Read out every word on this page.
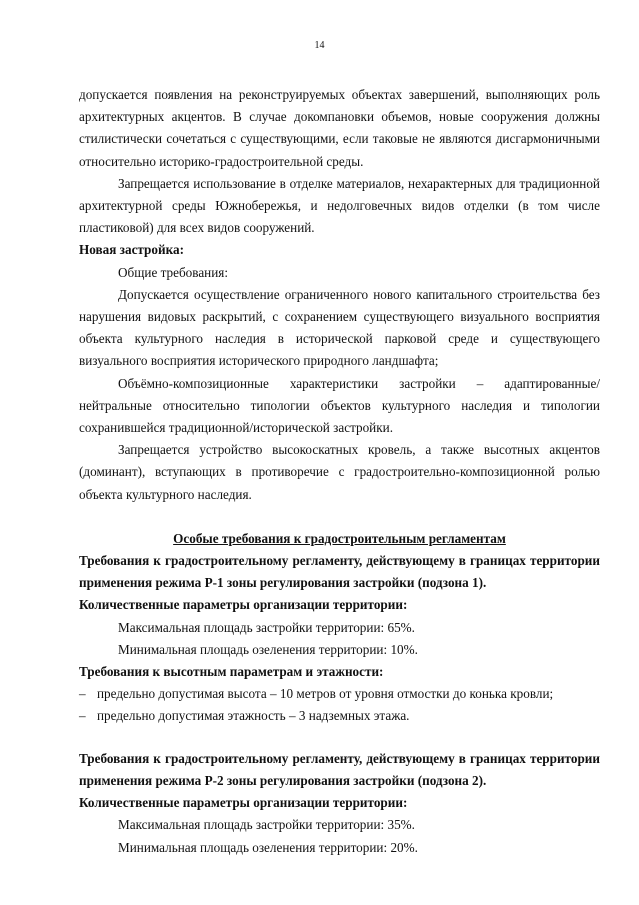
14

допускается появления на реконструируемых объектах завершений, выполняющих роль архитектурных акцентов. В случае докомпановки объемов, новые сооружения должны стилистически сочетаться с существующими, если таковые не являются дисгармоничными относительно историко-градостроительной среды.

Запрещается использование в отделке материалов, нехарактерных для традиционной архитектурной среды Южнобережья, и недолговечных видов отделки (в том числе пластиковой) для всех видов сооружений.

Новая застройка:

Общие требования:

Допускается осуществление ограниченного нового капитального строительства без нарушения видовых раскрытий, с сохранением существующего визуального восприятия объекта культурного наследия в исторической парковой среде и существующего визуального восприятия исторического природного ландшафта;

Объёмно-композиционные характеристики застройки – адаптированные/нейтральные относительно типологии объектов культурного наследия и типологии сохранившейся традиционной/исторической застройки.

Запрещается устройство высокоскатных кровель, а также высотных акцентов (доминант), вступающих в противоречие с градостроительно-композиционной ролью объекта культурного наследия.

Особые требования к градостроительным регламентам

Требования к градостроительному регламенту, действующему в границах территории применения режима Р-1 зоны регулирования застройки (подзона 1).

Количественные параметры организации территории:

Максимальная площадь застройки территории: 65%.

Минимальная площадь озеленения территории: 10%.

Требования к высотным параметрам и этажности:

– предельно допустимая высота – 10 метров от уровня отмостки до конька кровли;

– предельно допустимая этажность – 3 надземных этажа.

Требования к градостроительному регламенту, действующему в границах территории применения режима Р-2 зоны регулирования застройки (подзона 2).

Количественные параметры организации территории:

Максимальная площадь застройки территории: 35%.

Минимальная площадь озеленения территории: 20%.
